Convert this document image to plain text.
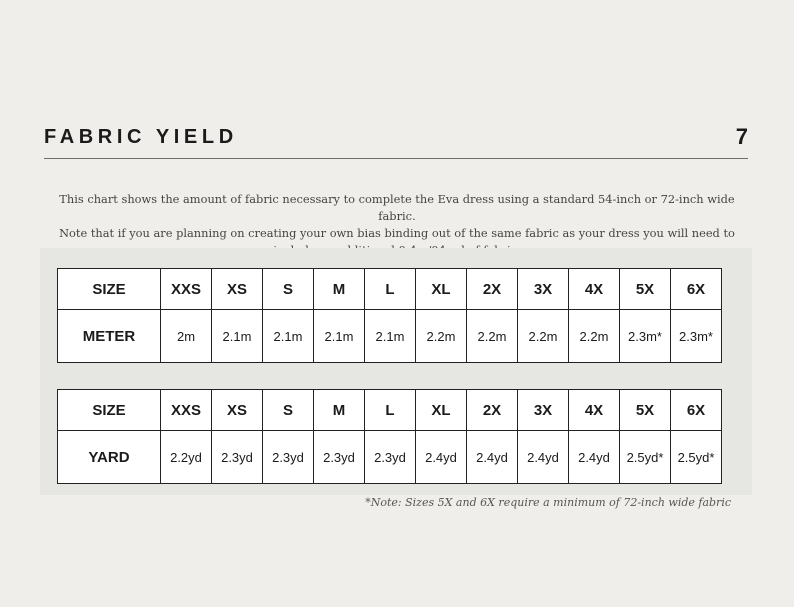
FABRIC YIELD	7
This chart shows the amount of fabric necessary to complete the Eva dress using a standard 54-inch or 72-inch wide fabric.
Note that if you are planning on creating your own bias binding out of the same fabric as your dress you will need to
SIZE	XXS	XS	S	M	L	XL	2X	3X	4X	5X	6X
METER	2m	2.1m	2.1m	2.1m	2.1m	2.2m	2.2m	2.2m	2.2m	2.3m*	2.3m*
SIZE	XXS	XS	S	M	L	XL	2X	3X	4X	5X	6X
YARD	2.2yd	2.3yd	2.3yd	2.3yd	2.3yd	2.4yd	2.4yd	2.4yd	2.4yd	2.5yd*	2.5yd*
*Note: Sizes 5X and 6X require a minimum of 72-inch wide fabric
